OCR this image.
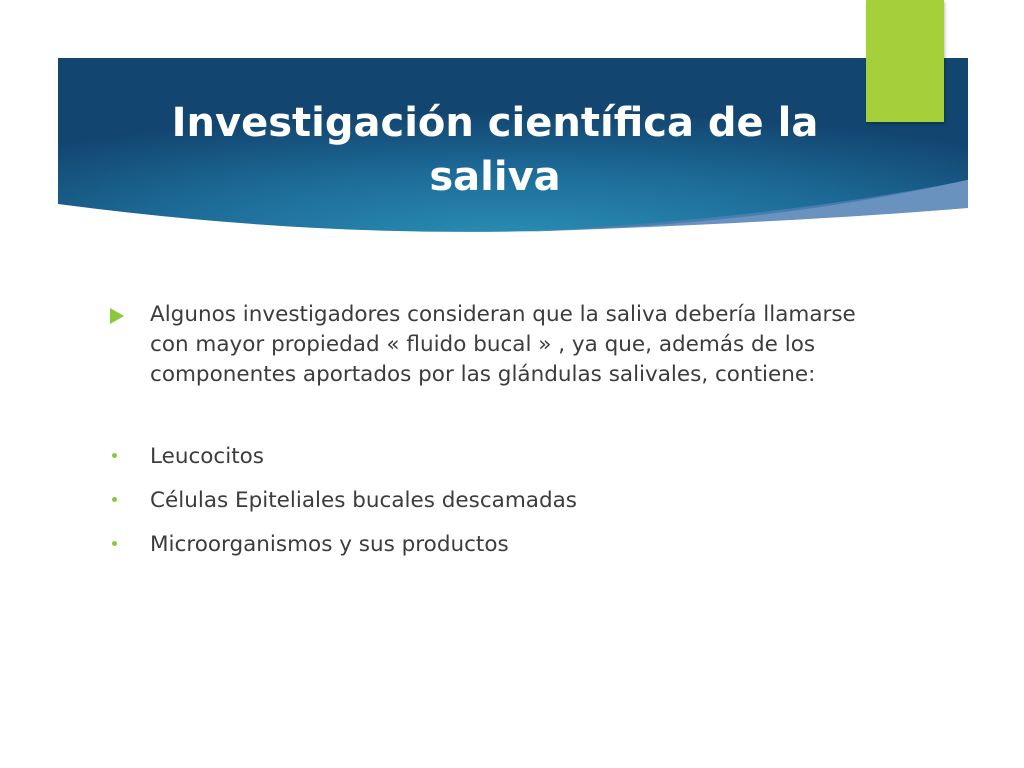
Investigación científica de la saliva

Algunos investigadores consideran que la saliva debería llamarse con mayor propiedad « fluido bucal » , ya que, además de los componentes aportados por las glándulas salivales, contiene:

Leucocitos
Células Epiteliales bucales descamadas
Microorganismos y sus productos
